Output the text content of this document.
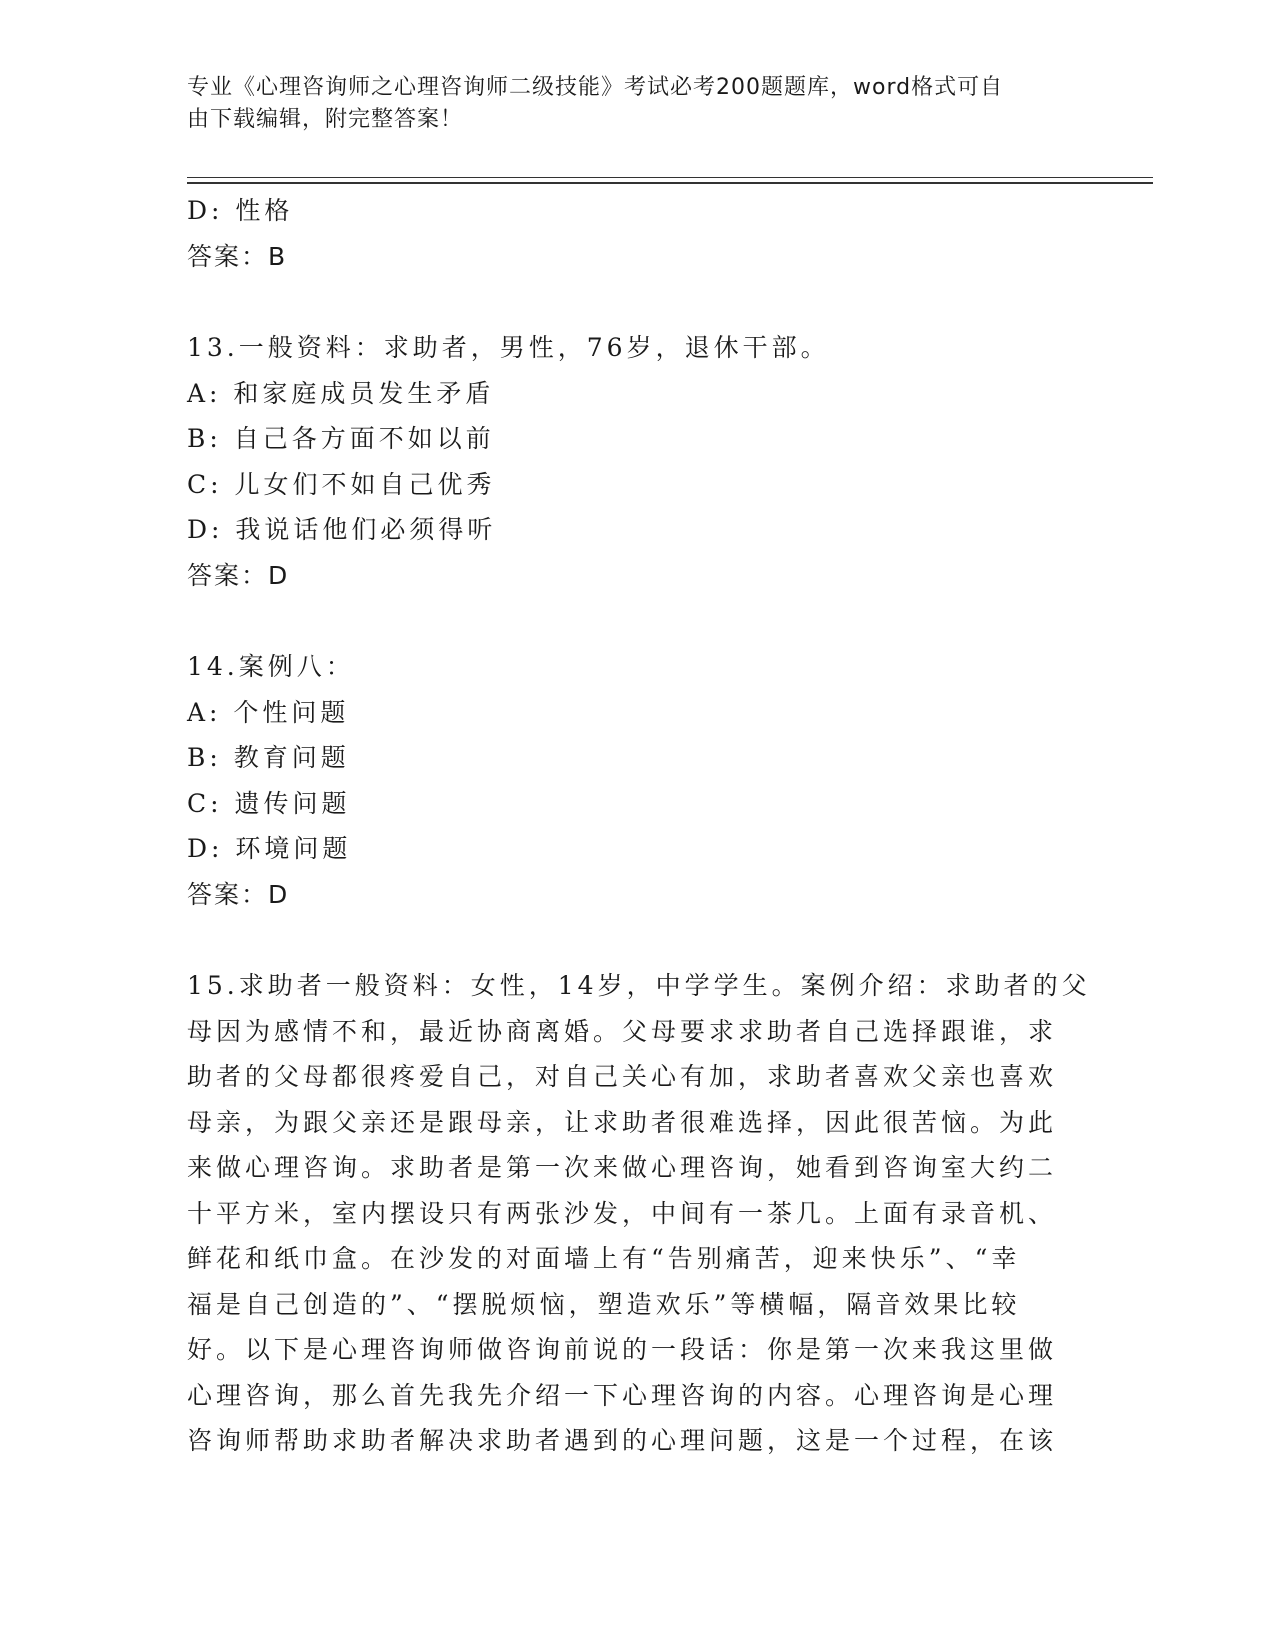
专业《心理咨询师之心理咨询师二级技能》考试必考200题题库，word格式可自
由下载编辑，附完整答案！
D: 性格
答案：B
13.一般资料：求助者，男性，76岁，退休干部。
A: 和家庭成员发生矛盾
B: 自己各方面不如以前
C: 儿女们不如自己优秀
D: 我说话他们必须得听
答案：D
14.案例八：
A: 个性问题
B: 教育问题
C: 遗传问题
D: 环境问题
答案：D
15.求助者一般资料：女性，14岁，中学学生。案例介绍：求助者的父
母因为感情不和，最近协商离婚。父母要求求助者自己选择跟谁，求
助者的父母都很疼爱自己，对自己关心有加，求助者喜欢父亲也喜欢
母亲，为跟父亲还是跟母亲，让求助者很难选择，因此很苦恼。为此
来做心理咨询。求助者是第一次来做心理咨询，她看到咨询室大约二
十平方米，室内摆设只有两张沙发，中间有一茶几。上面有录音机、
鲜花和纸巾盒。在沙发的对面墙上有“告别痛苦，迎来快乐”、“幸
福是自己创造的”、“摆脱烦恼，塑造欢乐”等横幅，隔音效果比较
好。以下是心理咨询师做咨询前说的一段话：你是第一次来我这里做
心理咨询，那么首先我先介绍一下心理咨询的内容。心理咨询是心理
咨询师帮助求助者解决求助者遇到的心理问题，这是一个过程，在该
